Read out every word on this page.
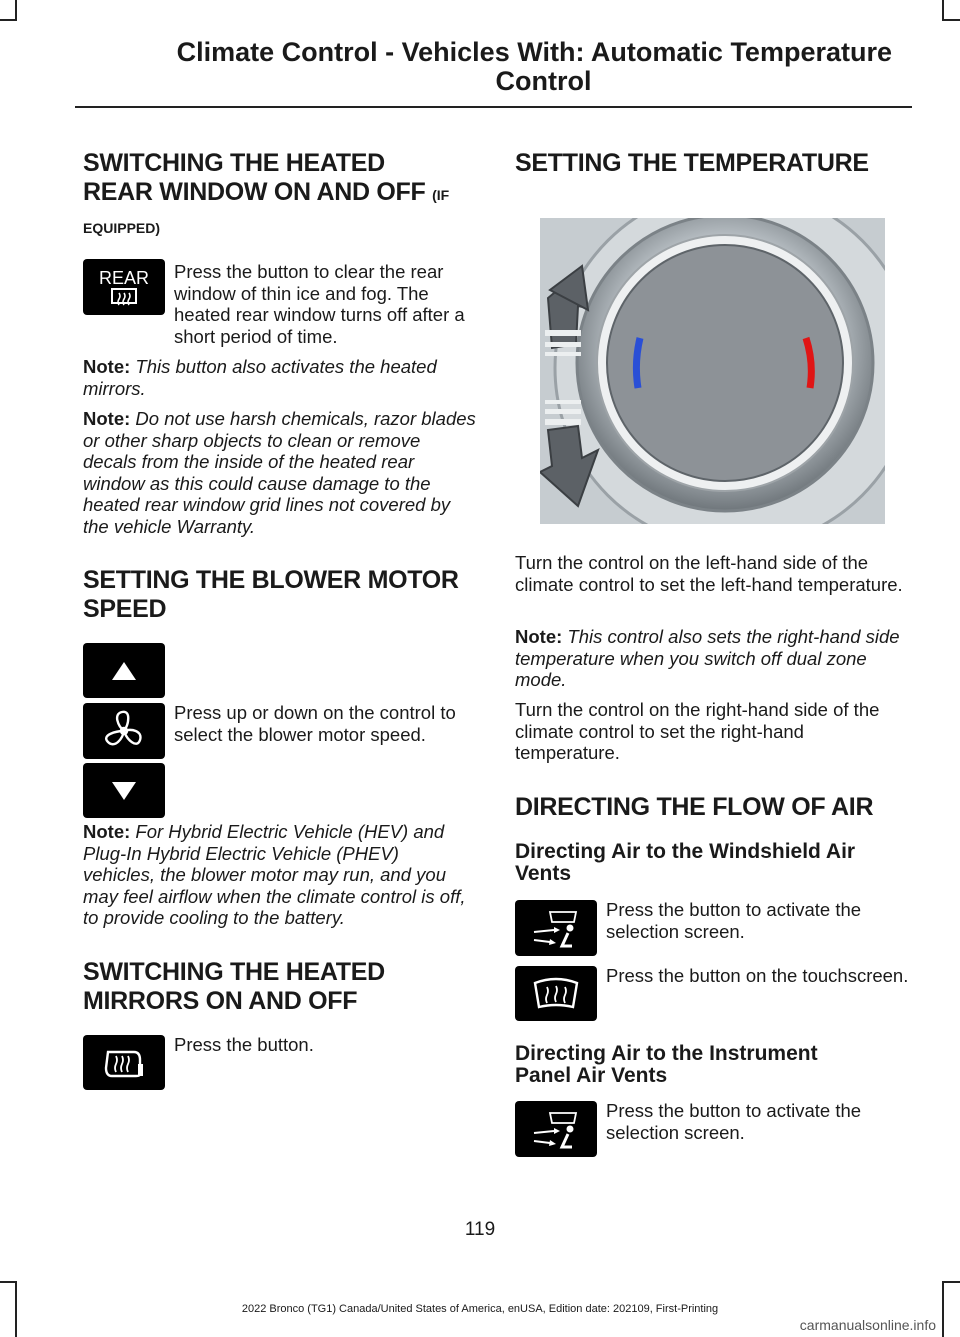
Climate Control - Vehicles With: Automatic Temperature
Control
SWITCHING THE HEATED
REAR WINDOW ON AND OFF (IF
EQUIPPED)
REAR Press the button to clear the rear window of thin ice and fog. The heated rear window turns off after a short period of time.

Note: This button also activates the heated mirrors.

Note: Do not use harsh chemicals, razor blades or other sharp objects to clean or remove decals from the inside of the heated rear window as this could cause damage to the heated rear window grid lines not covered by the vehicle Warranty.

SETTING THE BLOWER MOTOR
SPEED

Press up or down on the control to select the blower motor speed.

Note: For Hybrid Electric Vehicle (HEV) and Plug-In Hybrid Electric Vehicle (PHEV) vehicles, the blower motor may run, and you may feel airflow when the climate control is off, to provide cooling to the battery.

SWITCHING THE HEATED
MIRRORS ON AND OFF

Press the button.

SETTING THE TEMPERATURE

Turn the control on the left-hand side of the climate control to set the left-hand temperature.

Note: This control also sets the right-hand side temperature when you switch off dual zone mode.

Turn the control on the right-hand side of the climate control to set the right-hand temperature.

DIRECTING THE FLOW OF AIR
Directing Air to the Windshield Air
Vents

Press the button to activate the selection screen.

Press the button on the touchscreen.

Directing Air to the Instrument
Panel Air Vents

Press the button to activate the selection screen.

119
2022 Bronco (TG1) Canada/United States of America, enUSA, Edition date: 202109, First-Printing
carmanualsonline.info
